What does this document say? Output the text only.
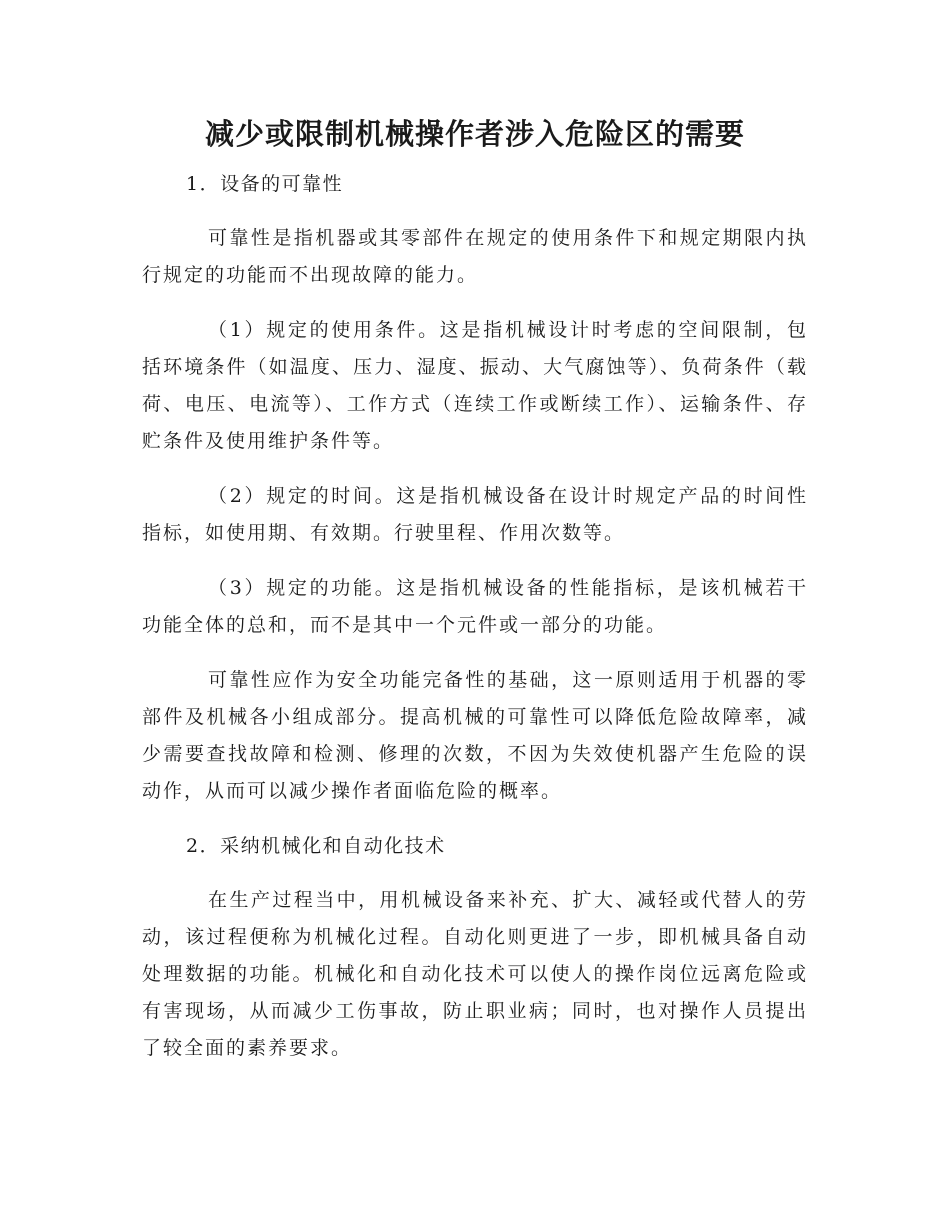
减少或限制机械操作者涉入危险区的需要

1．设备的可靠性

可靠性是指机器或其零部件在规定的使用条件下和规定期限内执行规定的功能而不出现故障的能力。

（1）规定的使用条件。这是指机械设计时考虑的空间限制，包括环境条件（如温度、压力、湿度、振动、大气腐蚀等）、负荷条件（载荷、电压、电流等）、工作方式（连续工作或断续工作）、运输条件、存贮条件及使用维护条件等。

（2）规定的时间。这是指机械设备在设计时规定产品的时间性指标，如使用期、有效期。行驶里程、作用次数等。

（3）规定的功能。这是指机械设备的性能指标，是该机械若干功能全体的总和，而不是其中一个元件或一部分的功能。

可靠性应作为安全功能完备性的基础，这一原则适用于机器的零部件及机械各小组成部分。提高机械的可靠性可以降低危险故障率，减少需要查找故障和检测、修理的次数，不因为失效使机器产生危险的误动作，从而可以减少操作者面临危险的概率。

2．采纳机械化和自动化技术

在生产过程当中，用机械设备来补充、扩大、减轻或代替人的劳动，该过程便称为机械化过程。自动化则更进了一步，即机械具备自动处理数据的功能。机械化和自动化技术可以使人的操作岗位远离危险或有害现场，从而减少工伤事故，防止职业病；同时，也对操作人员提出了较全面的素养要求。
